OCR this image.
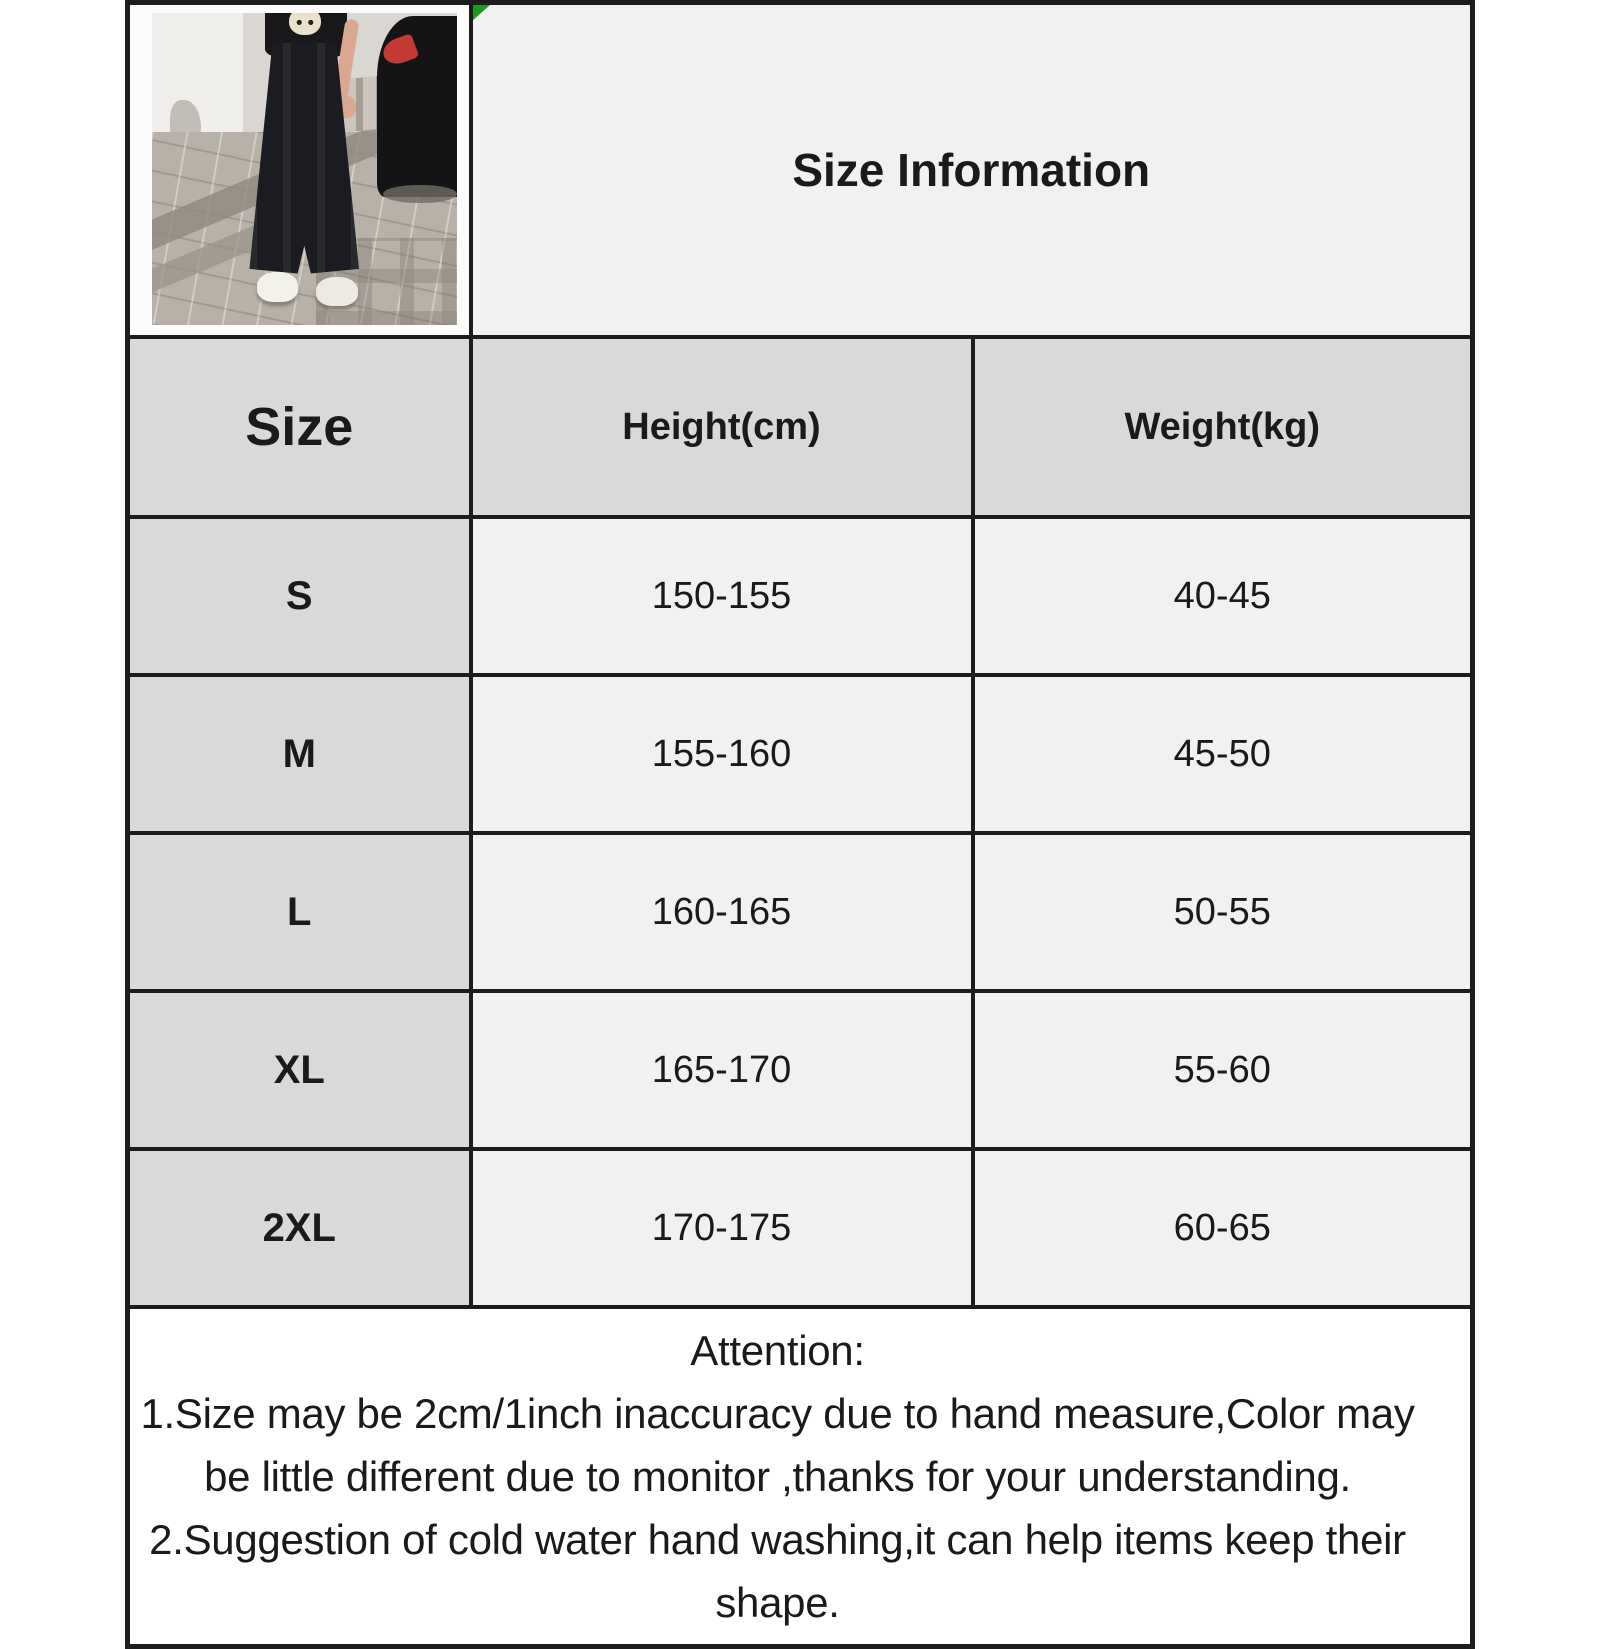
Size Information	
Size	Height(cm)	Weight(kg)
S	150-155	40-45
M	155-160	45-50
L	160-165	50-55
XL	165-170	55-60
2XL	170-175	60-65

Attention:

1.Size may be 2cm/1inch inaccuracy due to hand measure,Color may be little different due to monitor ,thanks for your understanding.

2.Suggestion of cold water hand washing,it can help items keep their shape.		
